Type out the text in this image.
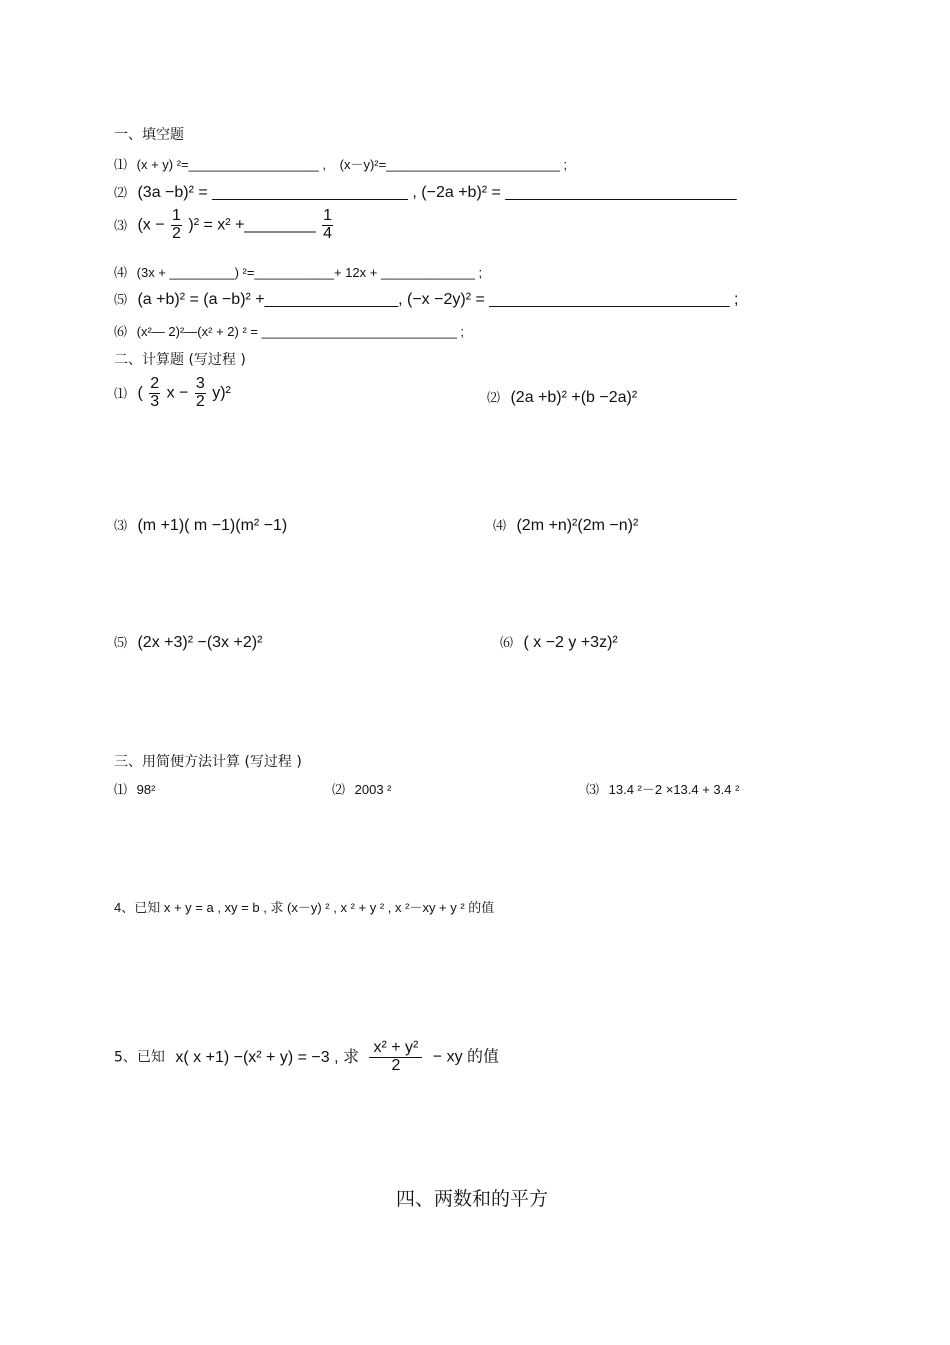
一、填空题
⑴ (x + y) ²=__________________ , (x－y)²=________________________ ;
⑵ (3a −b)² = ______________________ , (−2a +b)² = __________________________
⑶ $(x - \frac{1}{2} )^2 = x^2$ +________ $\frac{1}{4}$
⑷ (3x + _________) ²=___________+ 12x + _____________ ;
⑸ (a +b)² = (a −b)² +_______________, (−x −2y)² = ___________________________ ;
⑹ (x²— 2)²—(x² + 2) ² = ___________________________ ;
二、计算题 (写过程 )
⑴ ( $\frac{2}{3}$ $x - \frac{3}{2} y)^2$	⑵ (2a +b)² +(b −2a)²
⑶ (m +1)( m −1)(m² −1)	⑷ (2m +n)²(2m −n)²
⑸ (2x +3)² −(3x +2)²	⑹ ( x −2 y +3z)²
三、用简便方法计算 (写过程 )
⑴ 98²	⑵ 2003 ²	⑶ 13.4 ²－2 ×13.4 + 3.4 ²
4、已知 x + y = a , xy = b , 求 (x－y) ² , x ² + y ² , x ²－xy + y ² 的值
5、已知 x( x +1) −(x² + y) = −3 , 求 $\frac{\text{x² + y²}}{2}$ − xy 的值
四、两数和的平方
